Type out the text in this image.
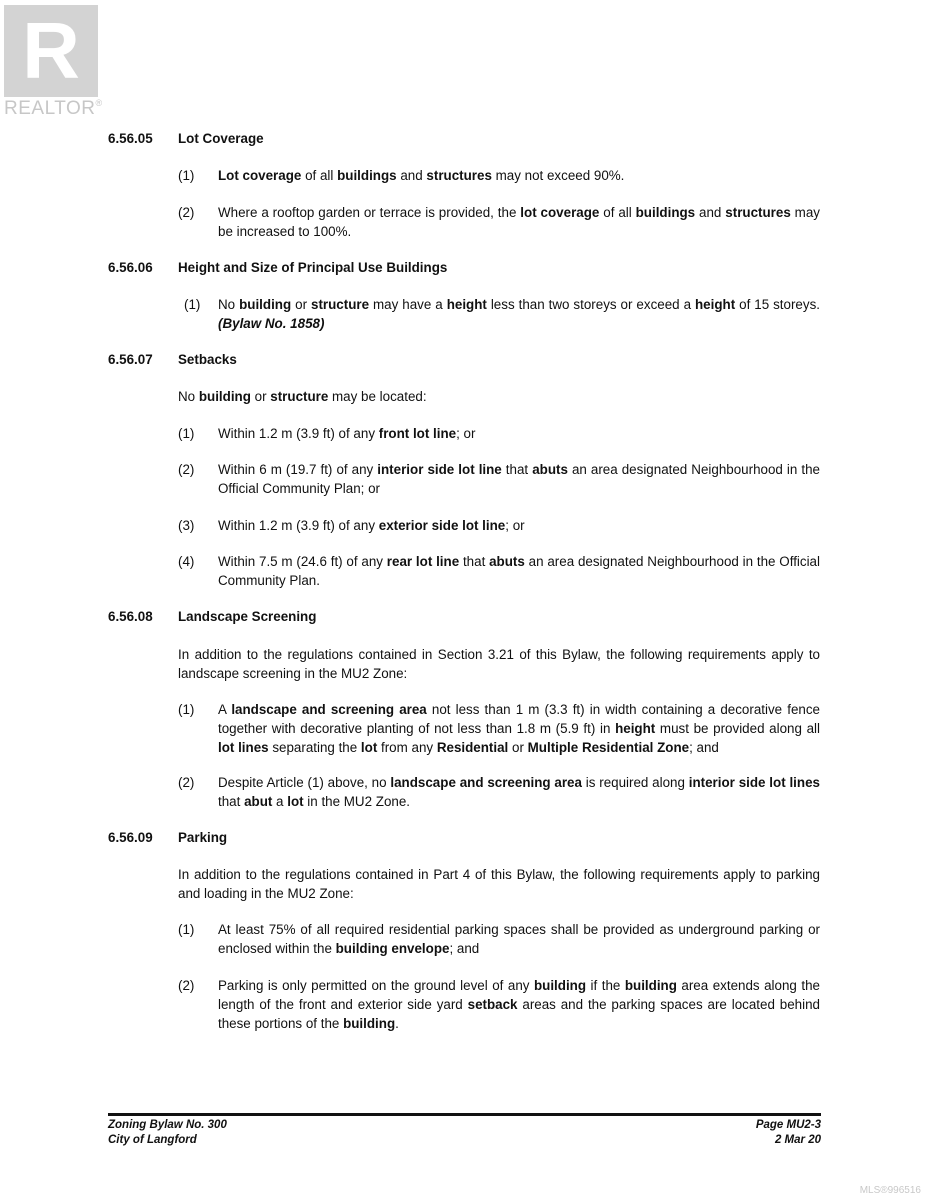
R
REALTOR®
6.56.05 Lot Coverage
(1) Lot coverage of all buildings and structures may not exceed 90%.
(2) Where a rooftop garden or terrace is provided, the lot coverage of all buildings and structures may be increased to 100%.
6.56.06 Height and Size of Principal Use Buildings
(1) No building or structure may have a height less than two storeys or exceed a height of 15 storeys. (Bylaw No. 1858)
6.56.07 Setbacks
No building or structure may be located:
(1) Within 1.2 m (3.9 ft) of any front lot line; or
(2) Within 6 m (19.7 ft) of any interior side lot line that abuts an area designated Neighbourhood in the Official Community Plan; or
(3) Within 1.2 m (3.9 ft) of any exterior side lot line; or
(4) Within 7.5 m (24.6 ft) of any rear lot line that abuts an area designated Neighbourhood in the Official Community Plan.
6.56.08 Landscape Screening
In addition to the regulations contained in Section 3.21 of this Bylaw, the following requirements apply to landscape screening in the MU2 Zone:
(1) A landscape and screening area not less than 1 m (3.3 ft) in width containing a decorative fence together with decorative planting of not less than 1.8 m (5.9 ft) in height must be provided along all lot lines separating the lot from any Residential or Multiple Residential Zone; and
(2) Despite Article (1) above, no landscape and screening area is required along interior side lot lines that abut a lot in the MU2 Zone.
6.56.09 Parking
In addition to the regulations contained in Part 4 of this Bylaw, the following requirements apply to parking and loading in the MU2 Zone:
(1) At least 75% of all required residential parking spaces shall be provided as underground parking or enclosed within the building envelope; and
(2) Parking is only permitted on the ground level of any building if the building area extends along the length of the front and exterior side yard setback areas and the parking spaces are located behind these portions of the building.
Zoning Bylaw No. 300
City of Langford
Page MU2-3
2 Mar 20
MLS®996516
